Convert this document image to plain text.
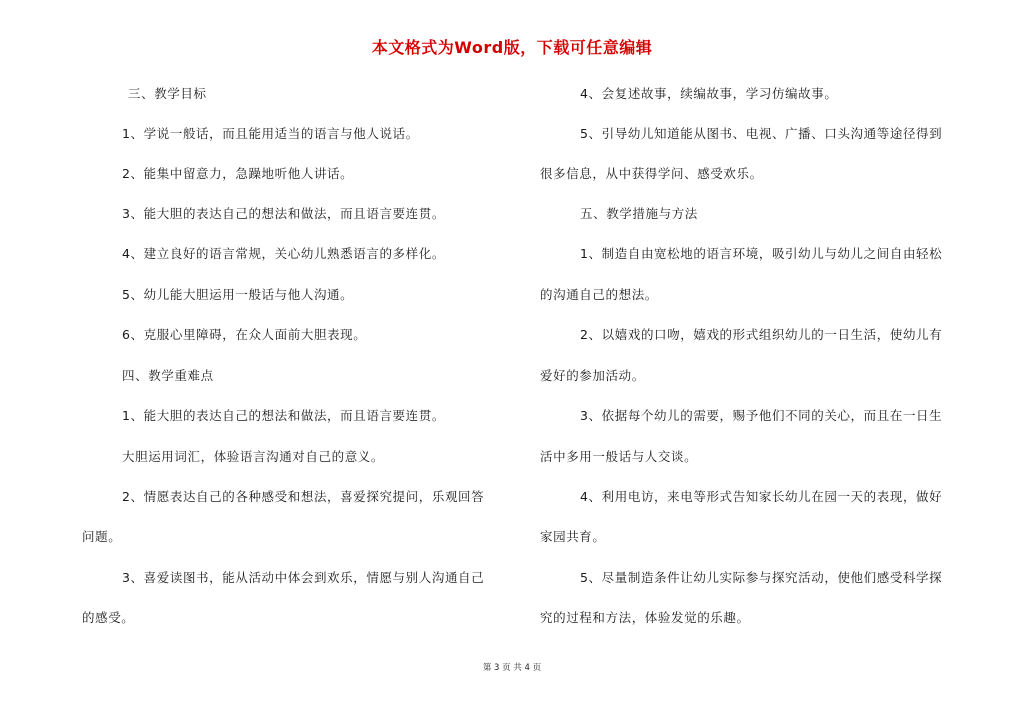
本文格式为Word版，下载可任意编辑
三、教学目标
1、学说一般话，而且能用适当的语言与他人说话。
2、能集中留意力，急躁地听他人讲话。
3、能大胆的表达自己的想法和做法，而且语言要连贯。
4、建立良好的语言常规，关心幼儿熟悉语言的多样化。
5、幼儿能大胆运用一般话与他人沟通。
6、克服心里障碍，在众人面前大胆表现。
四、教学重难点
1、能大胆的表达自己的想法和做法，而且语言要连贯。
大胆运用词汇，体验语言沟通对自己的意义。
2、情愿表达自己的各种感受和想法，喜爱探究提问，乐观回答
问题。
3、喜爱读图书，能从活动中体会到欢乐，情愿与别人沟通自己
的感受。
4、会复述故事，续编故事，学习仿编故事。
5、引导幼儿知道能从图书、电视、广播、口头沟通等途径得到
很多信息，从中获得学问、感受欢乐。
五、教学措施与方法
1、制造自由宽松地的语言环境，吸引幼儿与幼儿之间自由轻松
的沟通自己的想法。
2、以嬉戏的口吻，嬉戏的形式组织幼儿的一日生活，使幼儿有
爱好的参加活动。
3、依据每个幼儿的需要，赐予他们不同的关心，而且在一日生
活中多用一般话与人交谈。
4、利用电访，来电等形式告知家长幼儿在园一天的表现，做好
家园共育。
5、尽量制造条件让幼儿实际参与探究活动，使他们感受科学探
究的过程和方法，体验发觉的乐趣。
第 3 页 共 4 页
